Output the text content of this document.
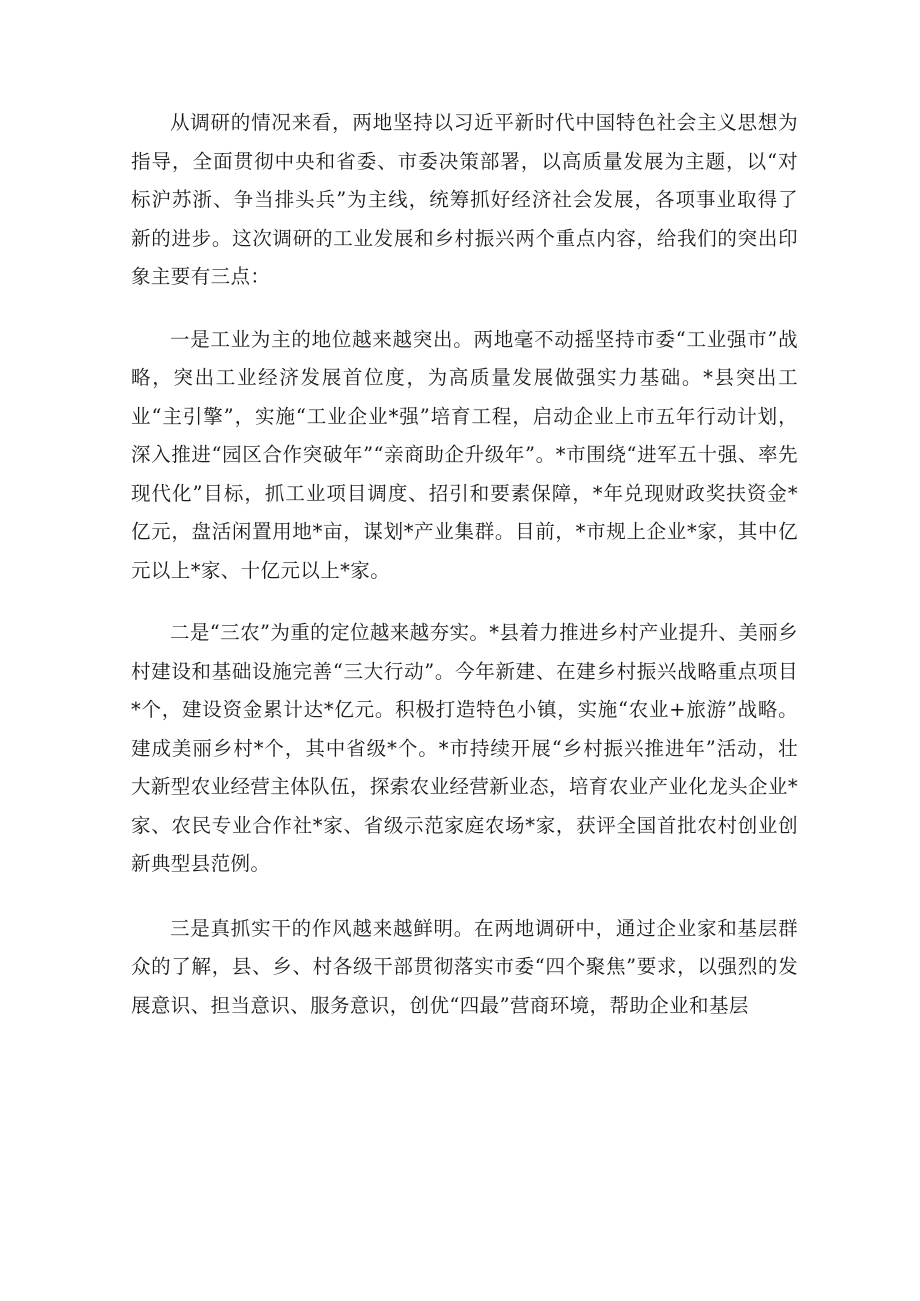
从调研的情况来看，两地坚持以习近平新时代中国特色社会主义思想为指导，全面贯彻中央和省委、市委决策部署，以高质量发展为主题，以“对标沪苏浙、争当排头兵”为主线，统筹抓好经济社会发展，各项事业取得了新的进步。这次调研的工业发展和乡村振兴两个重点内容，给我们的突出印象主要有三点：

一是工业为主的地位越来越突出。两地毫不动摇坚持市委“工业强市”战略，突出工业经济发展首位度，为高质量发展做强实力基础。*县突出工业“主引擎”，实施“工业企业*强”培育工程，启动企业上市五年行动计划，深入推进“园区合作突破年”“亲商助企升级年”。*市围绕“进军五十强、率先现代化”目标，抓工业项目调度、招引和要素保障，*年兑现财政奖扶资金*亿元，盘活闲置用地*亩，谋划*产业集群。目前，*市规上企业*家，其中亿元以上*家、十亿元以上*家。

二是“三农”为重的定位越来越夯实。*县着力推进乡村产业提升、美丽乡村建设和基础设施完善“三大行动”。今年新建、在建乡村振兴战略重点项目*个，建设资金累计达*亿元。积极打造特色小镇，实施“农业+旅游”战略。建成美丽乡村*个，其中省级*个。*市持续开展“乡村振兴推进年”活动，壮大新型农业经营主体队伍，探索农业经营新业态，培育农业产业化龙头企业*家、农民专业合作社*家、省级示范家庭农场*家，获评全国首批农村创业创新典型县范例。

三是真抓实干的作风越来越鲜明。在两地调研中，通过企业家和基层群众的了解，县、乡、村各级干部贯彻落实市委“四个聚焦”要求，以强烈的发展意识、担当意识、服务意识，创优“四最”营商环境，帮助企业和基层
